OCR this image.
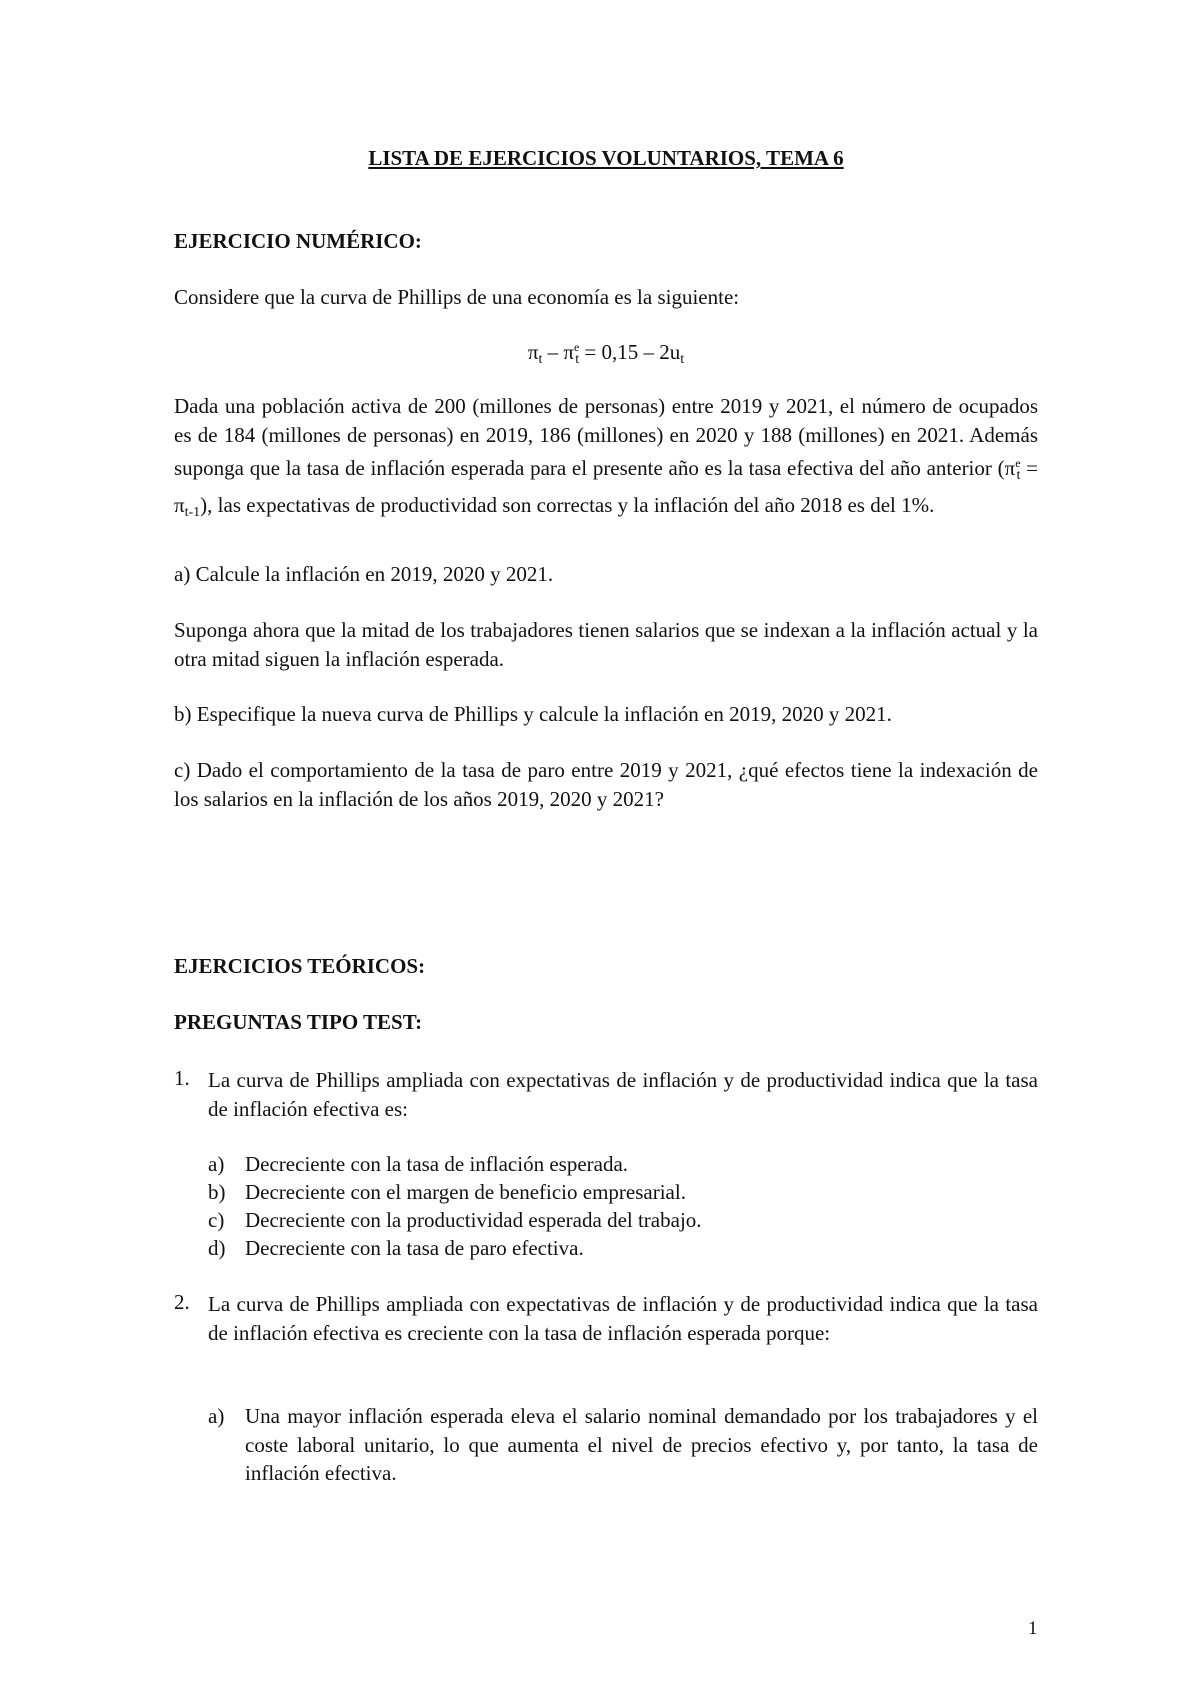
LISTA DE EJERCICIOS VOLUNTARIOS, TEMA 6
EJERCICIO NUMÉRICO:
Considere que la curva de Phillips de una economía es la siguiente:
$\pi_t - \pi^e_t = 0,15 - 2u_t$
Dada una población activa de 200 (millones de personas) entre 2019 y 2021, el número de ocupados es de 184 (millones de personas) en 2019, 186 (millones) en 2020 y 188 (millones) en 2021. Además suponga que la tasa de inflación esperada para el presente año es la tasa efectiva del año anterior $(\pi^e_t = \pi_{t-1})$, las expectativas de productividad son correctas y la inflación del año 2018 es del 1%.
a) Calcule la inflación en 2019, 2020 y 2021.
Suponga ahora que la mitad de los trabajadores tienen salarios que se indexan a la inflación actual y la otra mitad siguen la inflación esperada.
b) Especifique la nueva curva de Phillips y calcule la inflación en 2019, 2020 y 2021.
c) Dado el comportamiento de la tasa de paro entre 2019 y 2021, ¿qué efectos tiene la indexación de los salarios en la inflación de los años 2019, 2020 y 2021?
EJERCICIOS TEÓRICOS:
PREGUNTAS TIPO TEST:
1. La curva de Phillips ampliada con expectativas de inflación y de productividad indica que la tasa de inflación efectiva es:
a) Decreciente con la tasa de inflación esperada.
b) Decreciente con el margen de beneficio empresarial.
c) Decreciente con la productividad esperada del trabajo.
d) Decreciente con la tasa de paro efectiva.
2. La curva de Phillips ampliada con expectativas de inflación y de productividad indica que la tasa de inflación efectiva es creciente con la tasa de inflación esperada porque:
a) Una mayor inflación esperada eleva el salario nominal demandado por los trabajadores y el coste laboral unitario, lo que aumenta el nivel de precios efectivo y, por tanto, la tasa de inflación efectiva.
1
